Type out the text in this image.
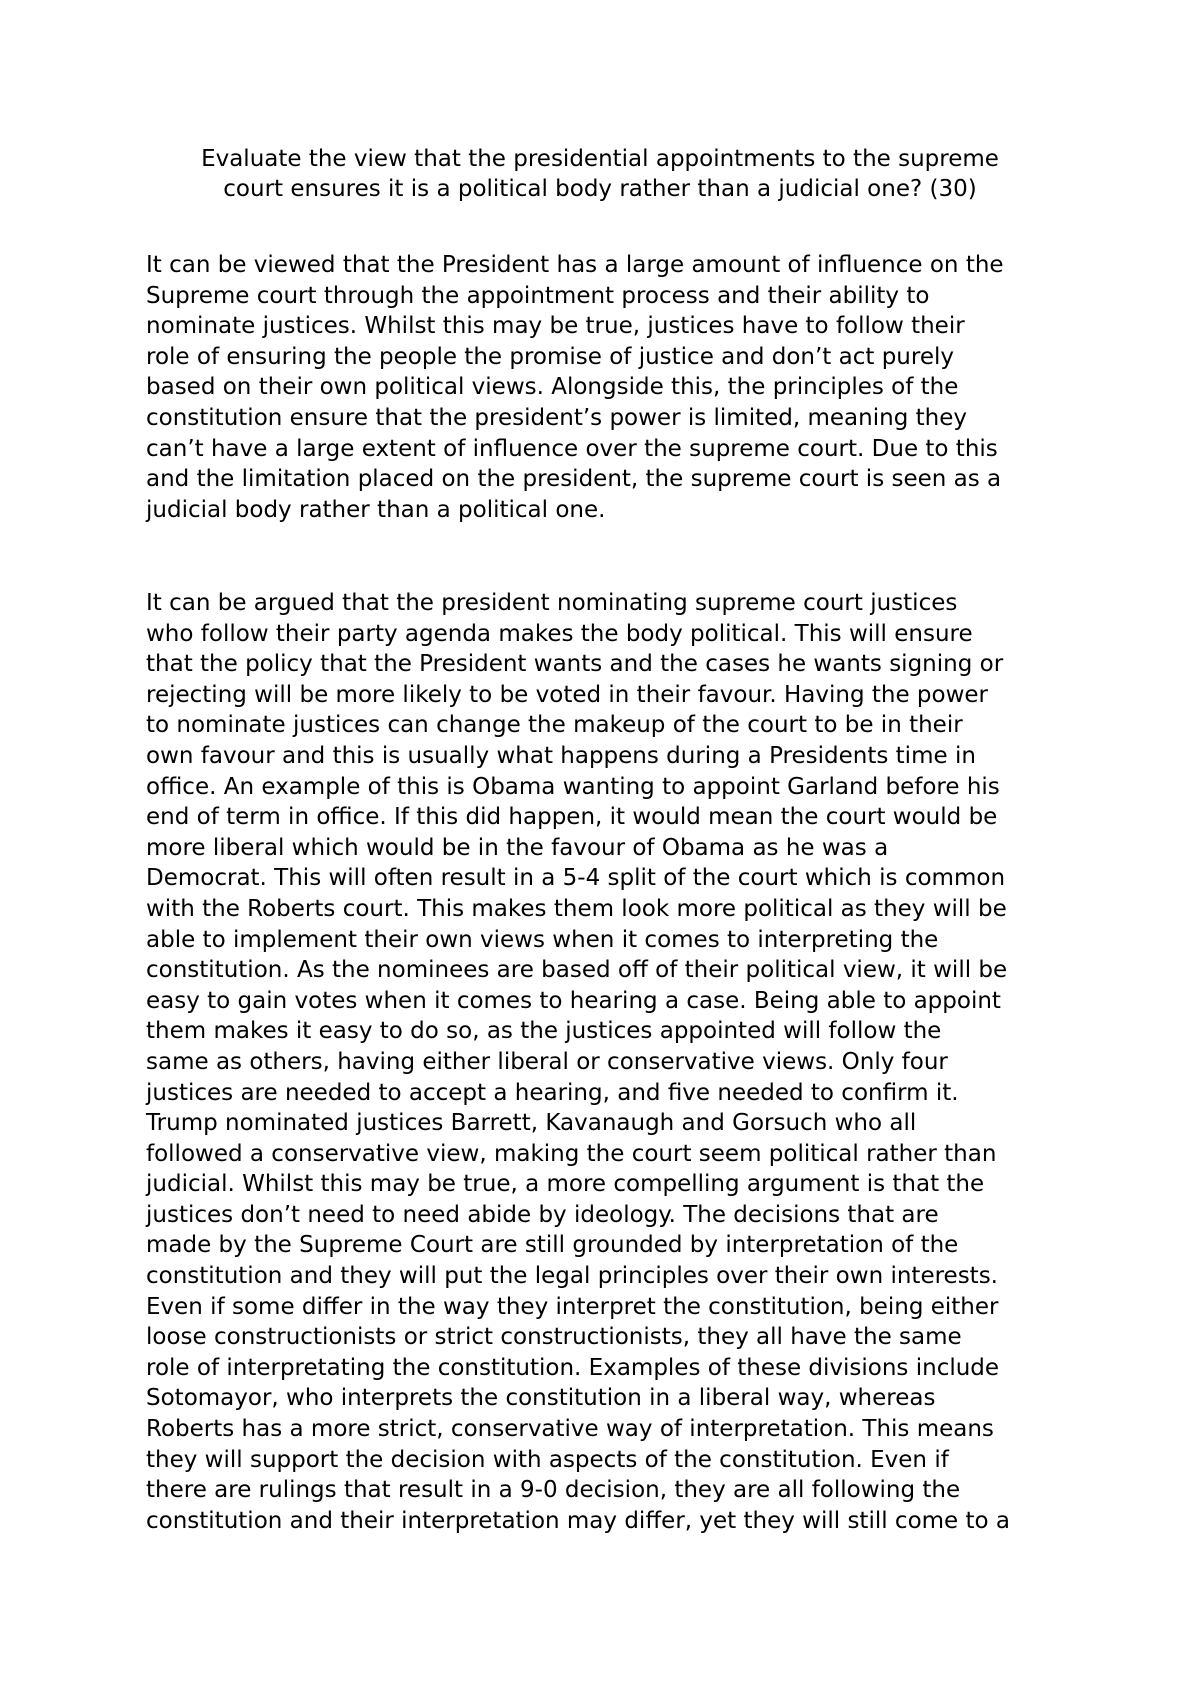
Evaluate the view that the presidential appointments to the supreme
court ensures it is a political body rather than a judicial one? (30)

It can be viewed that the President has a large amount of influence on the
Supreme court through the appointment process and their ability to
nominate justices. Whilst this may be true, justices have to follow their
role of ensuring the people the promise of justice and don’t act purely
based on their own political views. Alongside this, the principles of the
constitution ensure that the president’s power is limited, meaning they
can’t have a large extent of influence over the supreme court. Due to this
and the limitation placed on the president, the supreme court is seen as a
judicial body rather than a political one.

It can be argued that the president nominating supreme court justices
who follow their party agenda makes the body political. This will ensure
that the policy that the President wants and the cases he wants signing or
rejecting will be more likely to be voted in their favour. Having the power
to nominate justices can change the makeup of the court to be in their
own favour and this is usually what happens during a Presidents time in
office. An example of this is Obama wanting to appoint Garland before his
end of term in office. If this did happen, it would mean the court would be
more liberal which would be in the favour of Obama as he was a
Democrat. This will often result in a 5-4 split of the court which is common
with the Roberts court. This makes them look more political as they will be
able to implement their own views when it comes to interpreting the
constitution. As the nominees are based off of their political view, it will be
easy to gain votes when it comes to hearing a case. Being able to appoint
them makes it easy to do so, as the justices appointed will follow the
same as others, having either liberal or conservative views. Only four
justices are needed to accept a hearing, and five needed to confirm it.
Trump nominated justices Barrett, Kavanaugh and Gorsuch who all
followed a conservative view, making the court seem political rather than
judicial. Whilst this may be true, a more compelling argument is that the
justices don’t need to need abide by ideology. The decisions that are
made by the Supreme Court are still grounded by interpretation of the
constitution and they will put the legal principles over their own interests.
Even if some differ in the way they interpret the constitution, being either
loose constructionists or strict constructionists, they all have the same
role of interpretating the constitution. Examples of these divisions include
Sotomayor, who interprets the constitution in a liberal way, whereas
Roberts has a more strict, conservative way of interpretation. This means
they will support the decision with aspects of the constitution. Even if
there are rulings that result in a 9-0 decision, they are all following the
constitution and their interpretation may differ, yet they will still come to a
